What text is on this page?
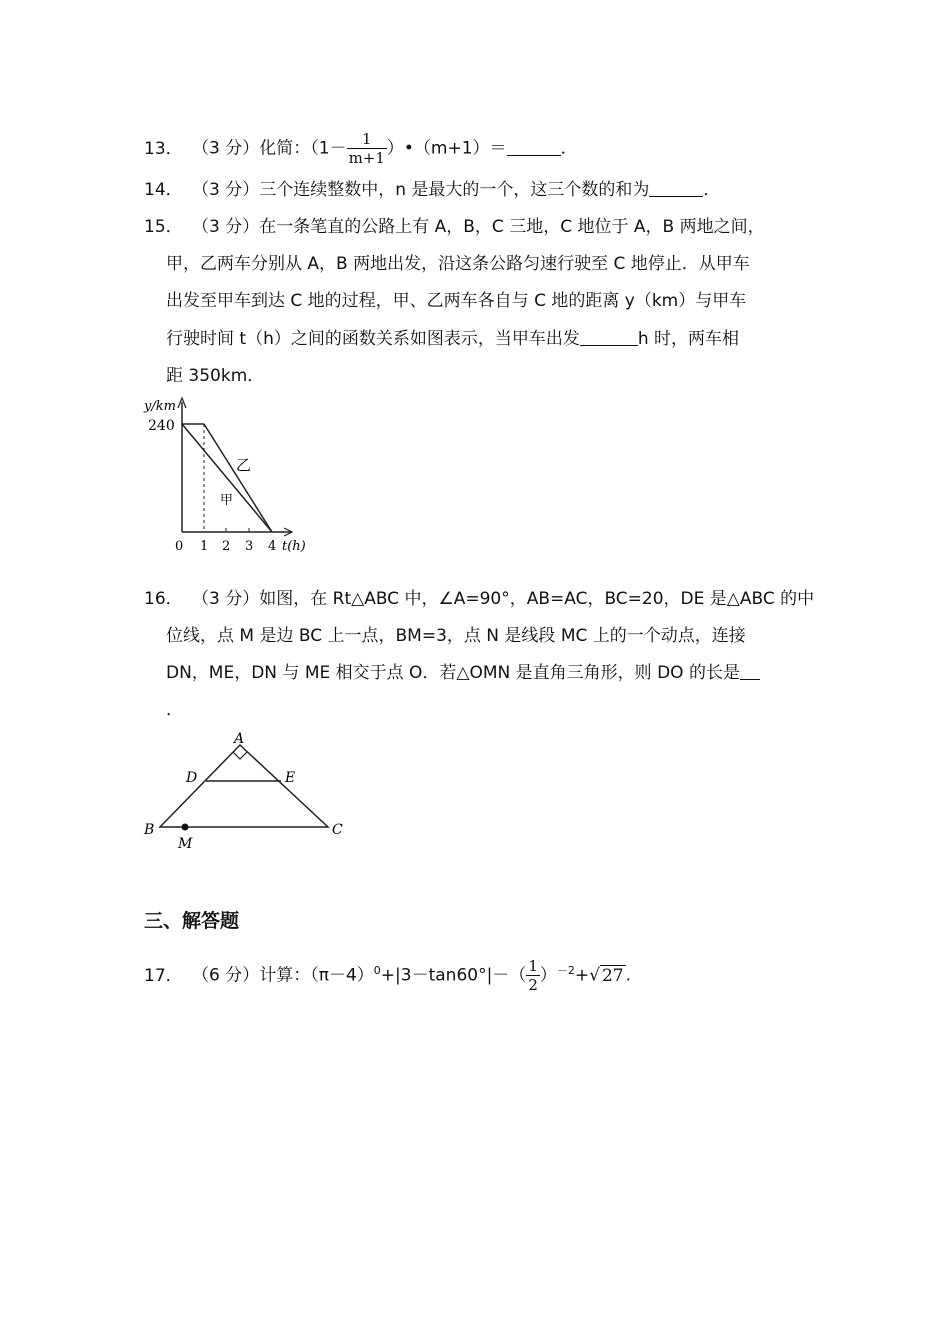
13． （3 分）化简：（$1- \frac{1}{m+1}$ ）•（m+1）＝	．
14． （3 分）三个连续整数中，n 是最大的一个，这三个数的和为	．
15． （3 分）在一条笔直的公路上有 A，B，C 三地，C 地位于 A，B 两地之间，
甲，乙两车分别从 A，B 两地出发，沿这条公路匀速行驶至 C 地停止．从甲车
出发至甲车到达 C 地的过程，甲、乙两车各自与 C 地的距离 y（km）与甲车
行驶时间 t（h）之间的函数关系如图表示，当甲车出发	h 时，两车相
距 350km．
y/km
240
乙
甲
0 1 2 3 4 t(h)
16． （3 分）如图，在 Rt△ABC 中，∠A=90°，AB=AC，BC=20，DE 是△ABC 的中
位线，点 M 是边 BC 上一点，BM=3，点 N 是线段 MC 上的一个动点，连接
DN，ME，DN 与 ME 相交于点 O．若△OMN 是直角三角形，则 DO 的长是
．
A
D	E
B	C
M
三、解答题
17． （6 分）计算：$(\pi-4)^0+|3-\tan 60^\circ|-( \frac{1}{2} )^{-2}+√$ 27 .
